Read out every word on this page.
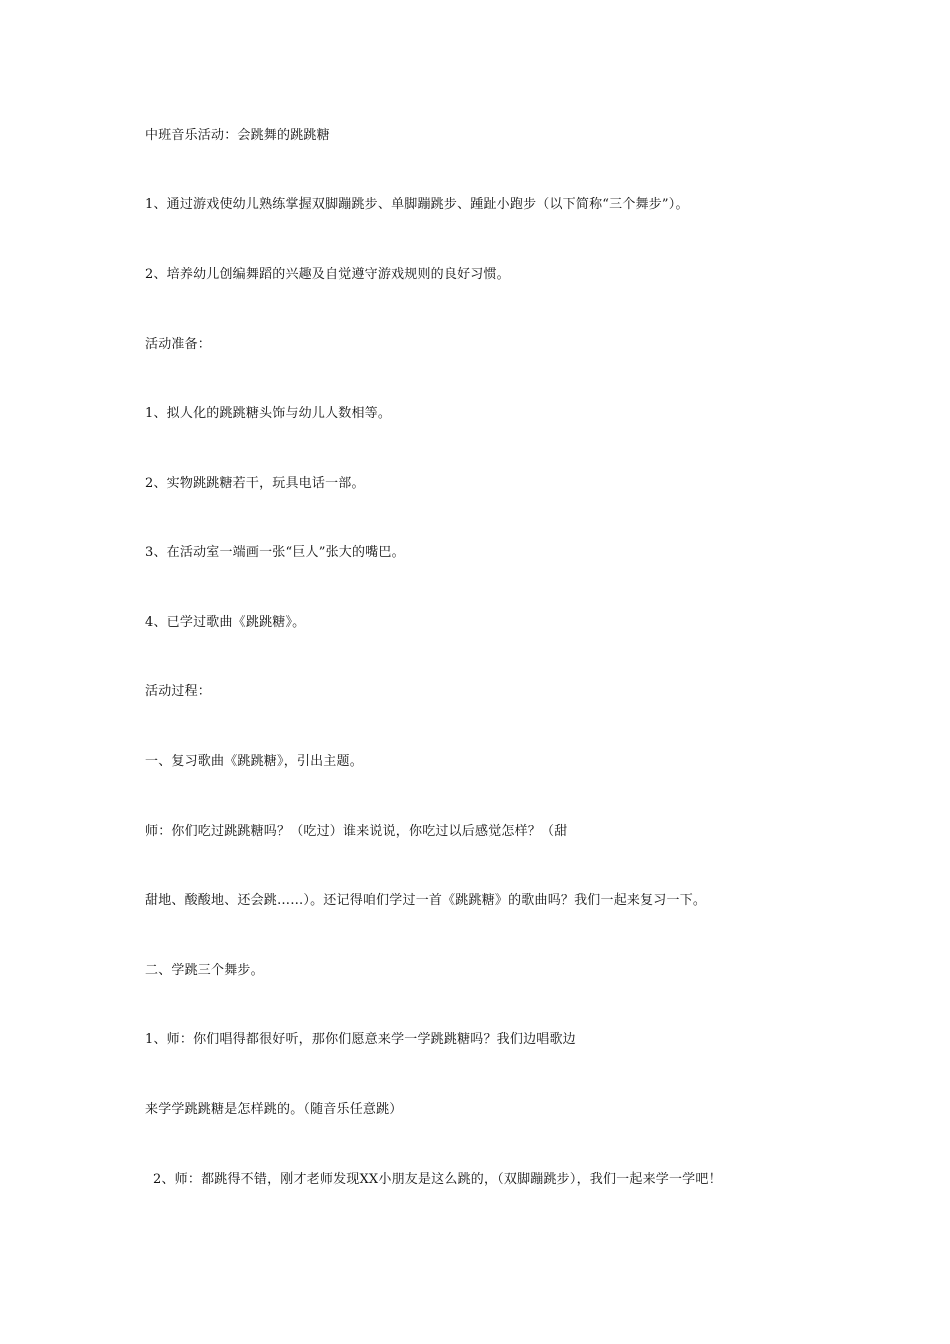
中班音乐活动：会跳舞的跳跳糖
1、通过游戏使幼儿熟练掌握双脚蹦跳步、单脚蹦跳步、踵趾小跑步（以下简称“三个舞步”）。
2、培养幼儿创编舞蹈的兴趣及自觉遵守游戏规则的良好习惯。
活动准备：
1、拟人化的跳跳糖头饰与幼儿人数相等。
2、实物跳跳糖若干，玩具电话一部。
3、在活动室一端画一张“巨人”张大的嘴巴。
4、已学过歌曲《跳跳糖》。
活动过程：
一、复习歌曲《跳跳糖》，引出主题。
师：你们吃过跳跳糖吗？（吃过）谁来说说，你吃过以后感觉怎样？（甜
甜地、酸酸地、还会跳……）。还记得咱们学过一首《跳跳糖》的歌曲吗？我们一起来复习一下。
二、学跳三个舞步。
1、师：你们唱得都很好听，那你们愿意来学一学跳跳糖吗？我们边唱歌边
来学学跳跳糖是怎样跳的。（随音乐任意跳）
2、师：都跳得不错，刚才老师发现XX小朋友是这么跳的，（双脚蹦跳步），我们一起来学一学吧！
